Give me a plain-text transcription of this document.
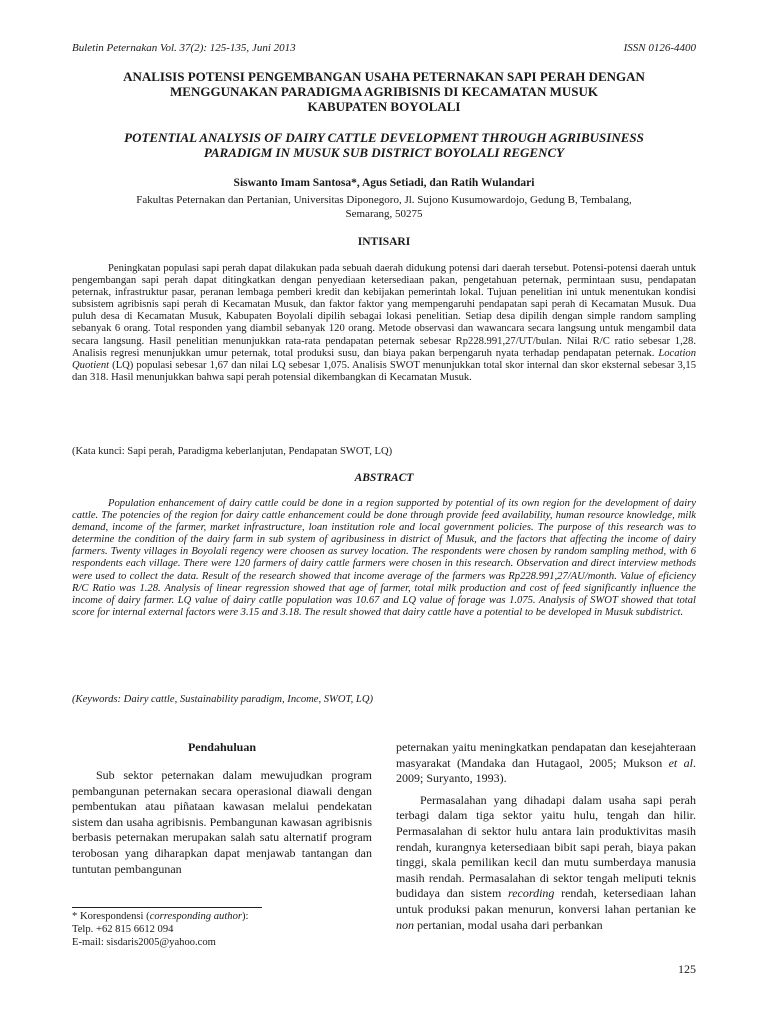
Buletin Peternakan Vol. 37(2): 125-135, Juni 2013	ISSN 0126-4400
ANALISIS POTENSI PENGEMBANGAN USAHA PETERNAKAN SAPI PERAH DENGAN
MENGGUNAKAN PARADIGMA AGRIBISNIS DI KECAMATAN MUSUK
KABUPATEN BOYOLALI
POTENTIAL ANALYSIS OF DAIRY CATTLE DEVELOPMENT THROUGH AGRIBUSINESS
PARADIGM IN MUSUK SUB DISTRICT BOYOLALI REGENCY
Siswanto Imam Santosa*, Agus Setiadi, dan Ratih Wulandari
Fakultas Peternakan dan Pertanian, Universitas Diponegoro, Jl. Sujono Kusumowardojo, Gedung B, Tembalang,
Semarang, 50275
INTISARI
Peningkatan populasi sapi perah dapat dilakukan pada sebuah daerah didukung potensi dari daerah tersebut. Potensi-potensi daerah untuk pengembangan sapi perah dapat ditingkatkan dengan penyediaan ketersediaan pakan, pengetahuan peternak, permintaan susu, pendapatan peternak, infrastruktur pasar, peranan lembaga pemberi kredit dan kebijakan pemerintah lokal. Tujuan penelitian ini untuk menentukan kondisi subsistem agribisnis sapi perah di Kecamatan Musuk, dan faktor faktor yang mempengaruhi pendapatan sapi perah di Kecamatan Musuk. Dua puluh desa di Kecamatan Musuk, Kabupaten Boyolali dipilih sebagai lokasi penelitian. Setiap desa dipilih dengan simple random sampling sebanyak 6 orang. Total responden yang diambil sebanyak 120 orang. Metode observasi dan wawancara secara langsung untuk mengambil data secara langsung. Hasil penelitian menunjukkan rata-rata pendapatan peternak sebesar Rp228.991,27/UT/bulan. Nilai R/C ratio sebesar 1,28. Analisis regresi menunjukkan umur peternak, total produksi susu, dan biaya pakan berpengaruh nyata terhadap pendapatan peternak. Location Quotient (LQ) populasi sebesar 1,67 dan nilai LQ sebesar 1,075. Analisis SWOT menunjukkan total skor internal dan skor eksternal sebesar 3,15 dan 318. Hasil menunjukkan bahwa sapi perah potensial dikembangkan di Kecamatan Musuk.
(Kata kunci: Sapi perah, Paradigma keberlanjutan, Pendapatan SWOT, LQ)
ABSTRACT
Population enhancement of dairy cattle could be done in a region supported by potential of its own region for the development of dairy cattle. The potencies of the region for dairy cattle enhancement could be done through provide feed availability, human resource knowledge, milk demand, income of the farmer, market infrastructure, loan institution role and local government policies. The purpose of this research was to determine the condition of the dairy farm in sub system of agribusiness in district of Musuk, and the factors that affecting the income of dairy farmers. Twenty villages in Boyolali regency were choosen as survey location. The respondents were chosen by random sampling method, with 6 respondents each village. There were 120 farmers of dairy cattle farmers were chosen in this research. Observation and direct interview methods were used to collect the data. Result of the research showed that income average of the farmers was Rp228.991,27/AU/month. Value of eficiency R/C Ratio was 1.28. Analysis of linear regression showed that age of farmer, total milk production and cost of feed significantly influence the income of dairy farmer. LQ value of dairy catlle population was 10.67 and LQ value of forage was 1.075. Analysis of SWOT showed that total score for internal external factors were 3.15 and 3.18. The result showed that dairy cattle have a potential to be developed in Musuk subdistrict.
(Keywords: Dairy cattle, Sustainability paradigm, Income, SWOT, LQ)
Pendahuluan

Sub sektor peternakan dalam mewujudkan program pembangunan peternakan secara operasional diawali dengan pembentukan atau piñataan kawasan melalui pendekatan sistem dan usaha agribisnis. Pembangunan kawasan agribisnis berbasis peternakan merupakan salah satu alternatif program terobosan yang diharapkan dapat menjawab tantangan dan tuntutan pembangunan

peternakan yaitu meningkatkan pendapatan dan kesejahteraan masyarakat (Mandaka dan Hutagaol, 2005; Mukson et al. 2009; Suryanto, 1993).

Permasalahan yang dihadapi dalam usaha sapi perah terbagi dalam tiga sektor yaitu hulu, tengah dan hilir. Permasalahan di sektor hulu antara lain produktivitas masih rendah, kurangnya ketersediaan bibit sapi perah, biaya pakan tinggi, skala pemilikan kecil dan mutu sumberdaya manusia masih rendah. Permasalahan di sektor tengah meliputi teknis budidaya dan sistem recording rendah, ketersediaan lahan untuk produksi pakan menurun, konversi lahan pertanian ke non pertanian, modal usaha dari perbankan

* Korespondensi (corresponding author):
Telp. +62 815 6612 094
E-mail: sisdaris2005@yahoo.com
125
